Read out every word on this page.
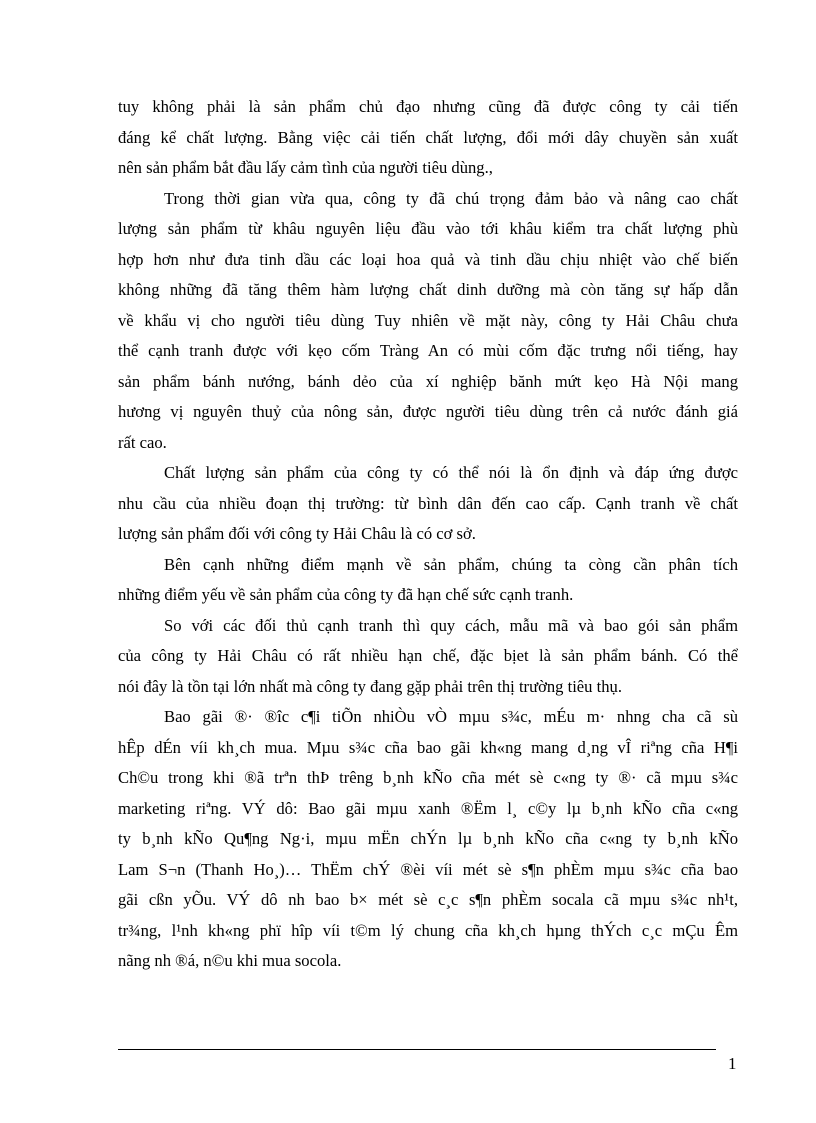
tuy không phải là sản phẩm chủ đạo nhưng cũng đã được công ty cải tiến
đáng kể chất lượng. Bằng việc cải tiến chất lượng, đổi mới dây chuyền sản xuất
nên sản phẩm bắt đầu lấy cảm tình của người tiêu dùng.,
Trong thời gian vừa qua, công ty đã chú trọng đảm bảo và nâng cao chất
lượng sản phẩm từ khâu nguyên liệu đầu vào tới khâu kiểm tra chất lượng phù
hợp hơn như đưa tinh dầu các loại hoa quả và tinh dầu chịu nhiệt vào chế biến
không những đã tăng thêm hàm lượng chất dinh dưỡng mà còn tăng sự hấp dẫn
về khẩu vị cho người tiêu dùng Tuy nhiên về mặt này, công ty Hải Châu chưa
thể cạnh tranh được với kẹo cốm Tràng An có mùi cốm đặc trưng nổi tiếng, hay
sản phẩm bánh nướng, bánh dẻo của xí nghiệp bănh mứt kẹo Hà Nội mang
hương vị nguyên thuỷ của nông sản, được người tiêu dùng trên cả nước đánh giá
rất cao.
Chất lượng sản phẩm của công ty có thể nói là ổn định và đáp ứng được
nhu cầu của nhiều đoạn thị trường: từ bình dân đến cao cấp. Cạnh tranh về chất
lượng sản phẩm đối với công ty Hải Châu là có cơ sở.
Bên cạnh những điểm mạnh về sản phẩm, chúng ta còng cần phân tích
những điểm yếu về sản phẩm của công ty đã hạn chế sức cạnh tranh.
So với các đối thủ cạnh tranh thì quy cách, mẫu mã và bao gói sản phẩm
của công ty Hải Châu có rất nhiều hạn chế, đặc bịet là sản phẩm bánh. Có thể
nói đây là tồn tại lớn nhất mà công ty đang gặp phải trên thị trường tiêu thụ.
Bao gãi ®· ®îc c¶i tiÕn nhiÒu vÒ mµu s¾c, mÉu m· nhng cha cã sù
hÊp dÉn víi kh¸ch mua. Mµu s¾c cña bao gãi kh«ng mang d¸ng vÎ riªng cña H¶i
Ch©u trong khi ®ã trªn thÞ trêng b¸nh kÑo cña mét sè c«ng ty ®· cã mµu s¾c
marketing riªng. VÝ dô: Bao gãi mµu xanh ®Ëm l¸ c©y lµ b¸nh kÑo cña c«ng
ty b¸nh kÑo Qu¶ng Ng·i, mµu mËn chÝn lµ b¸nh kÑo cña c«ng ty b¸nh kÑo
Lam S¬n (Thanh Ho¸)… ThËm chÝ ®èi víi mét sè s¶n phÈm mµu s¾c cña bao
gãi cßn yÕu. VÝ dô nh bao b× mét sè c¸c s¶n phÈm socala cã mµu s¾c nh¹t,
tr¾ng, l¹nh kh«ng phï hîp víi t©m lý chung cña kh¸ch hµng thÝch c¸c mÇu Êm
nãng nh ®á, n©u khi mua socola.
1
